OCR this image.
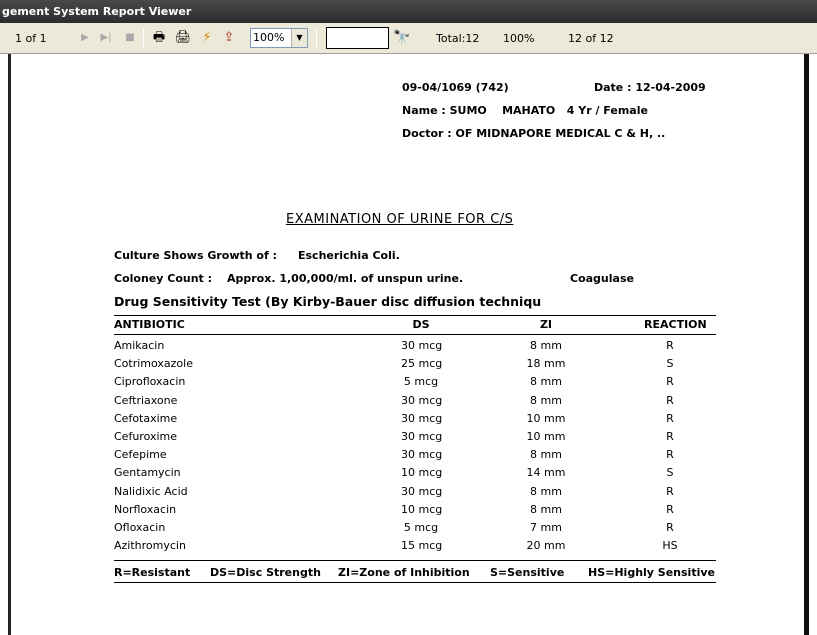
gement System Report Viewer
1 of 1	▶	▶|	■	🖶 🖨 ⚡ ⇪	100%	▼	🔭 Total:12 100%	12 of 12
09-04/1069 (742)	Date : 12-04-2009
Name : SUMO    MAHATO   4 Yr / Female
Doctor : OF MIDNAPORE MEDICAL C & H, ..
EXAMINATION OF URINE FOR C/S
Culture Shows Growth of : Escherichia Coli.
Coloney Count : Approx. 1,00,000/ml. of unspun urine.	Coagulase
Drug Sensitivity Test (By Kirby-Bauer disc diffusion techniqu
ANTIBIOTIC	DS	ZI	REACTION
Amikacin	30 mcg	8 mm	R
Cotrimoxazole	25 mcg	18 mm	S
Ciprofloxacin	5 mcg	8 mm	R
Ceftriaxone	30 mcg	8 mm	R
Cefotaxime	30 mcg	10 mm	R
Cefuroxime	30 mcg	10 mm	R
Cefepime	30 mcg	8 mm	R
Gentamycin	10 mcg	14 mm	S
Nalidixic Acid	30 mcg	8 mm	R
Norfloxacin	10 mcg	8 mm	R
Ofloxacin	5 mcg	7 mm	R
Azithromycin	15 mcg	20 mm	HS
R=Resistant DS=Disc Strength ZI=Zone of Inhibition S=Sensitive HS=Highly Sensitive
